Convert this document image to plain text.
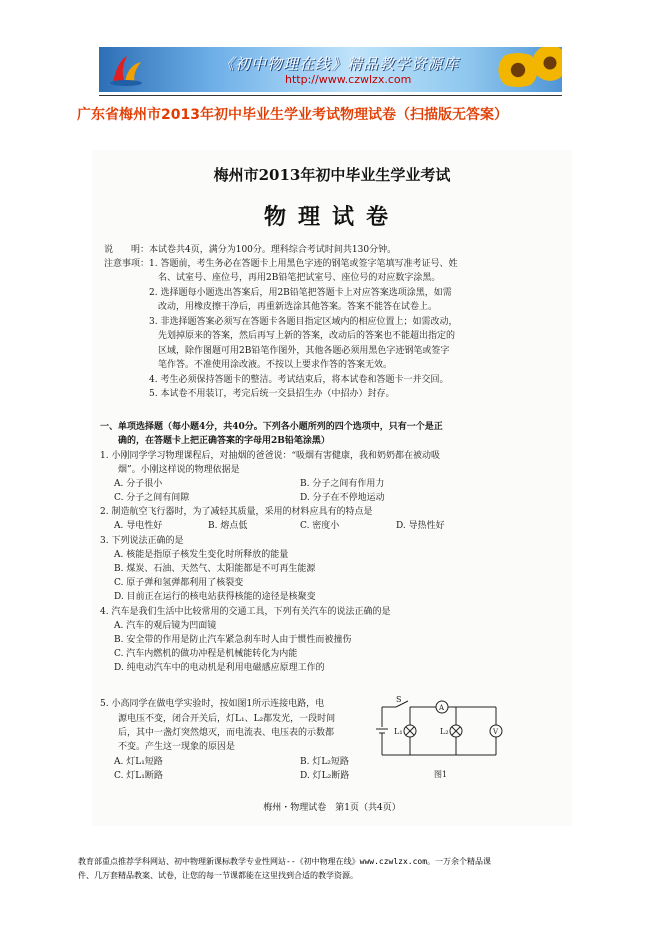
《初中物理在线》精品教学资源库
http://www.czwlzx.com
广东省梅州市2013年初中毕业生学业考试物理试卷（扫描版无答案）
梅州市2013年初中毕业生学业考试
物理试卷
说　　明：本试卷共4页，满分为100分。理科综合考试时间共130分钟。
注意事项：1. 答题前，考生务必在答题卡上用黑色字迹的钢笔或签字笔填写准考证号、姓
　　　　　　名、试室号、座位号，再用2B铅笔把试室号、座位号的对应数字涂黑。
　　　　　2. 选择题每小题选出答案后，用2B铅笔把答题卡上对应答案选项涂黑，如需
　　　　　　改动，用橡皮擦干净后，再重新选涂其他答案。答案不能答在试卷上。
　　　　　3. 非选择题答案必须写在答题卡各题目指定区域内的相应位置上；如需改动，
　　　　　　先划掉原来的答案，然后再写上新的答案，改动后的答案也不能超出指定的
　　　　　　区域，除作图题可用2B铅笔作图外，其他各题必须用黑色字迹钢笔或签字
　　　　　　笔作答。不准使用涂改液。不按以上要求作答的答案无效。
　　　　　4. 考生必须保持答题卡的整洁。考试结束后，将本试卷和答题卡一并交回。
　　　　　5. 本试卷不用装订，考完后统一交县招生办（中招办）封存。
一、单项选择题（每小题4分，共40分。下列各小题所列的四个选项中，只有一个是正
　　确的，在答题卡上把正确答案的字母用2B铅笔涂黑）
1. 小刚同学学习物理课程后，对抽烟的爸爸说：“吸烟有害健康，我和奶奶都在被动吸
　　烟”。小刚这样说的物理依据是
A. 分子很小	B. 分子之间有作用力
C. 分子之间有间隙	D. 分子在不停地运动
2. 制造航空飞行器时，为了减轻其质量，采用的材料应具有的特点是
A. 导电性好	B. 熔点低	C. 密度小	D. 导热性好
3. 下列说法正确的是
A. 核能是指原子核发生变化时所释放的能量
B. 煤炭、石油、天然气、太阳能都是不可再生能源
C. 原子弹和氢弹都利用了核裂变
D. 目前正在运行的核电站获得核能的途径是核聚变
4. 汽车是我们生活中比较常用的交通工具，下列有关汽车的说法正确的是
A. 汽车的观后镜为凹面镜
B. 安全带的作用是防止汽车紧急刹车时人由于惯性而被撞伤
C. 汽车内燃机的做功冲程是机械能转化为内能
D. 纯电动汽车中的电动机是利用电磁感应原理工作的
5. 小高同学在做电学实验时，按如图1所示连接电路，电
　　源电压不变，闭合开关后，灯L₁、L₂都发光，一段时间
　　后，其中一盏灯突然熄灭，而电流表、电压表的示数都
　　不变。产生这一现象的原因是
A. 灯L₁短路	B. 灯L₂短路
C. 灯L₁断路	D. 灯L₂断路
S
A
V
L₁	L₂
图1
梅州・物理试卷　第1页（共4页）
教育部重点推荐学科网站、初中物理新课标教学专业性网站--《初中物理在线》www.czwlzx.com。一万余个精品课
件、几万套精品教案、试卷，让您的每一节课都能在这里找到合适的教学资源。
